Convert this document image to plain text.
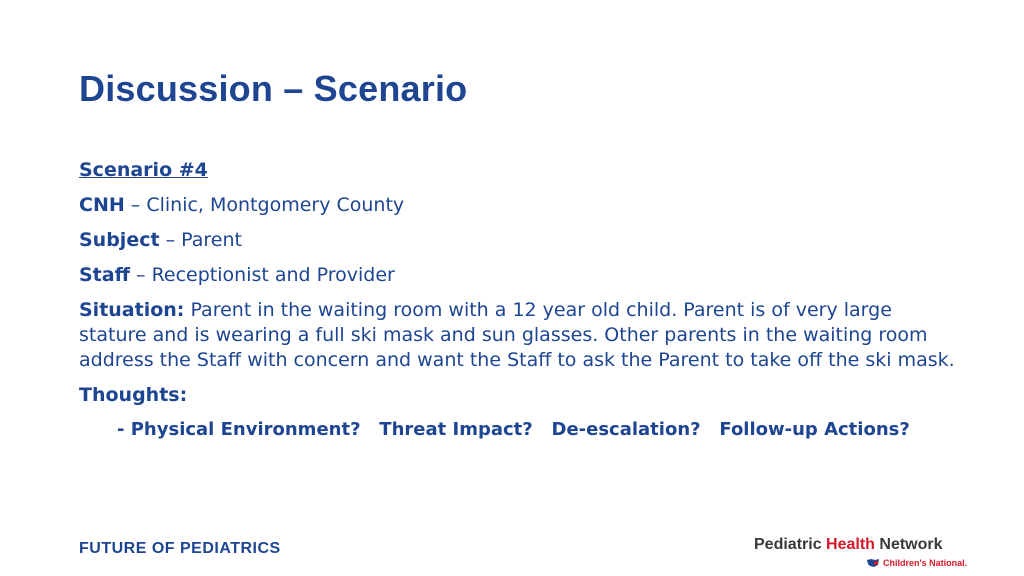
Discussion – Scenario
Scenario #4
CNH – Clinic, Montgomery County
Subject – Parent
Staff – Receptionist and Provider
Situation: Parent in the waiting room with a 12 year old child. Parent is of very large stature and is wearing a full ski mask and sun glasses. Other parents in the waiting room address the Staff with concern and want the Staff to ask the Parent to take off the ski mask.
Thoughts:
- Physical Environment?   Threat Impact?   De-escalation?   Follow-up Actions?
FUTURE OF PEDIATRICS	Pediatric Health Network
Children's National.
